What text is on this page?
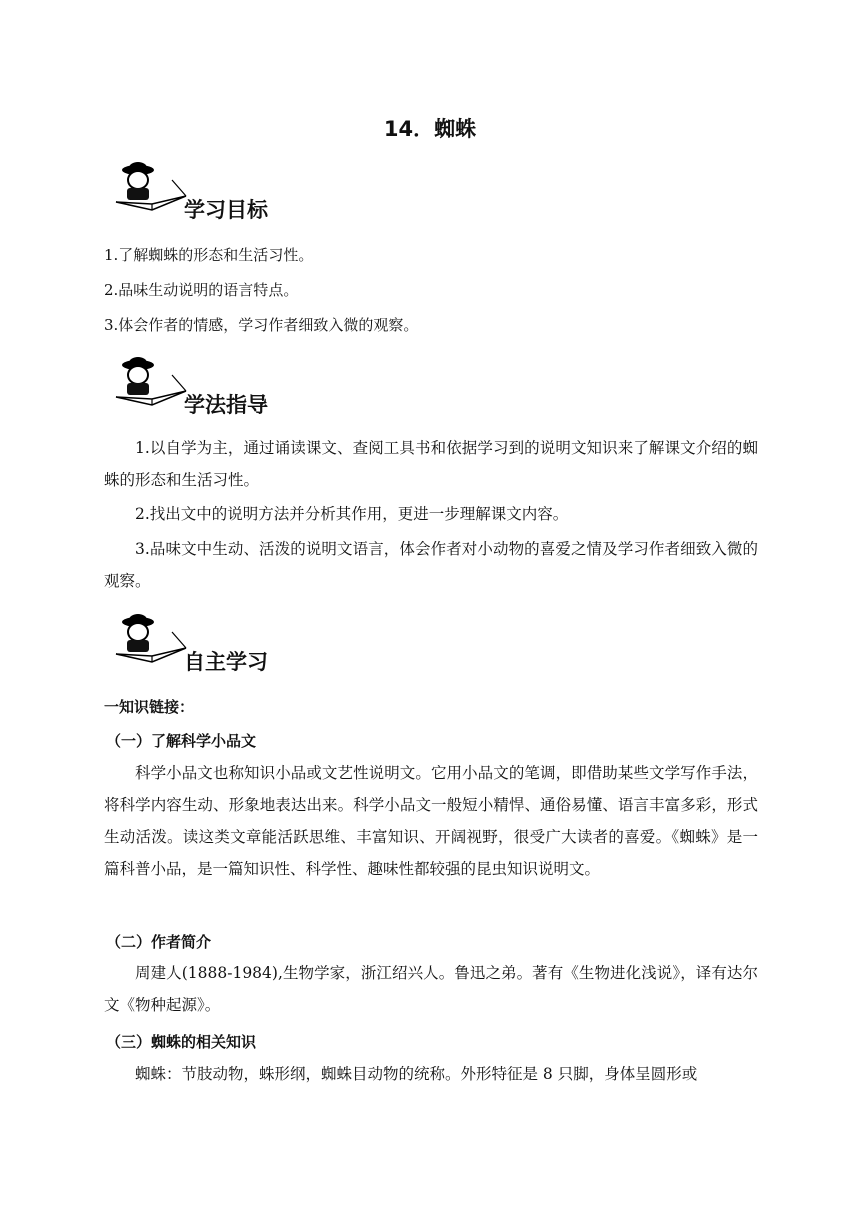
14．蜘蛛
学习目标
1.了解蜘蛛的形态和生活习性。
2.品味生动说明的语言特点。
3.体会作者的情感，学习作者细致入微的观察。
学法指导
1.以自学为主，通过诵读课文、查阅工具书和依据学习到的说明文知识来了解课文介绍的蜘蛛的形态和生活习性。
2.找出文中的说明方法并分析其作用，更进一步理解课文内容。
3.品味文中生动、活泼的说明文语言，体会作者对小动物的喜爱之情及学习作者细致入微的观察。
自主学习
一知识链接：
（一）了解科学小品文
科学小品文也称知识小品或文艺性说明文。它用小品文的笔调，即借助某些文学写作手法，将科学内容生动、形象地表达出来。科学小品文一般短小精悍、通俗易懂、语言丰富多彩，形式生动活泼。读这类文章能活跃思维、丰富知识、开阔视野，很受广大读者的喜爱。《蜘蛛》是一篇科普小品，是一篇知识性、科学性、趣味性都较强的昆虫知识说明文。
（二）作者简介
周建人(1888-1984),生物学家，浙江绍兴人。鲁迅之弟。著有《生物进化浅说》，译有达尔文《物种起源》。
（三）蜘蛛的相关知识
蜘蛛：节肢动物，蛛形纲，蜘蛛目动物的统称。外形特征是 8 只脚，身体呈圆形或
